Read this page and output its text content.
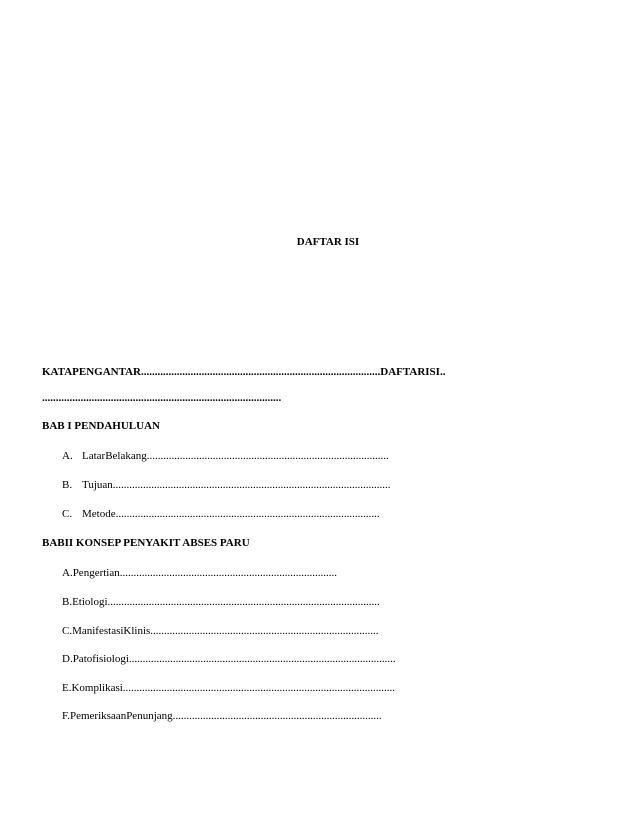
DAFTAR ISI
KATAPENGANTAR.......................................................................................DAFTARISI..
.......................................................................................
BAB I PENDAHULUAN
A. LatarBelakang........................................................................................
B. Tujuan.....................................................................................................
C. Metode................................................................................................
BABII KONSEP PENYAKIT ABSES PARU
A.Pengertian...............................................................................
B.Etiologi...................................................................................................
C.ManifestasiKlinis...................................................................................
D.Patofisiologi.................................................................................................
E.Komplikasi...................................................................................................
F.PemeriksaanPenunjang............................................................................
